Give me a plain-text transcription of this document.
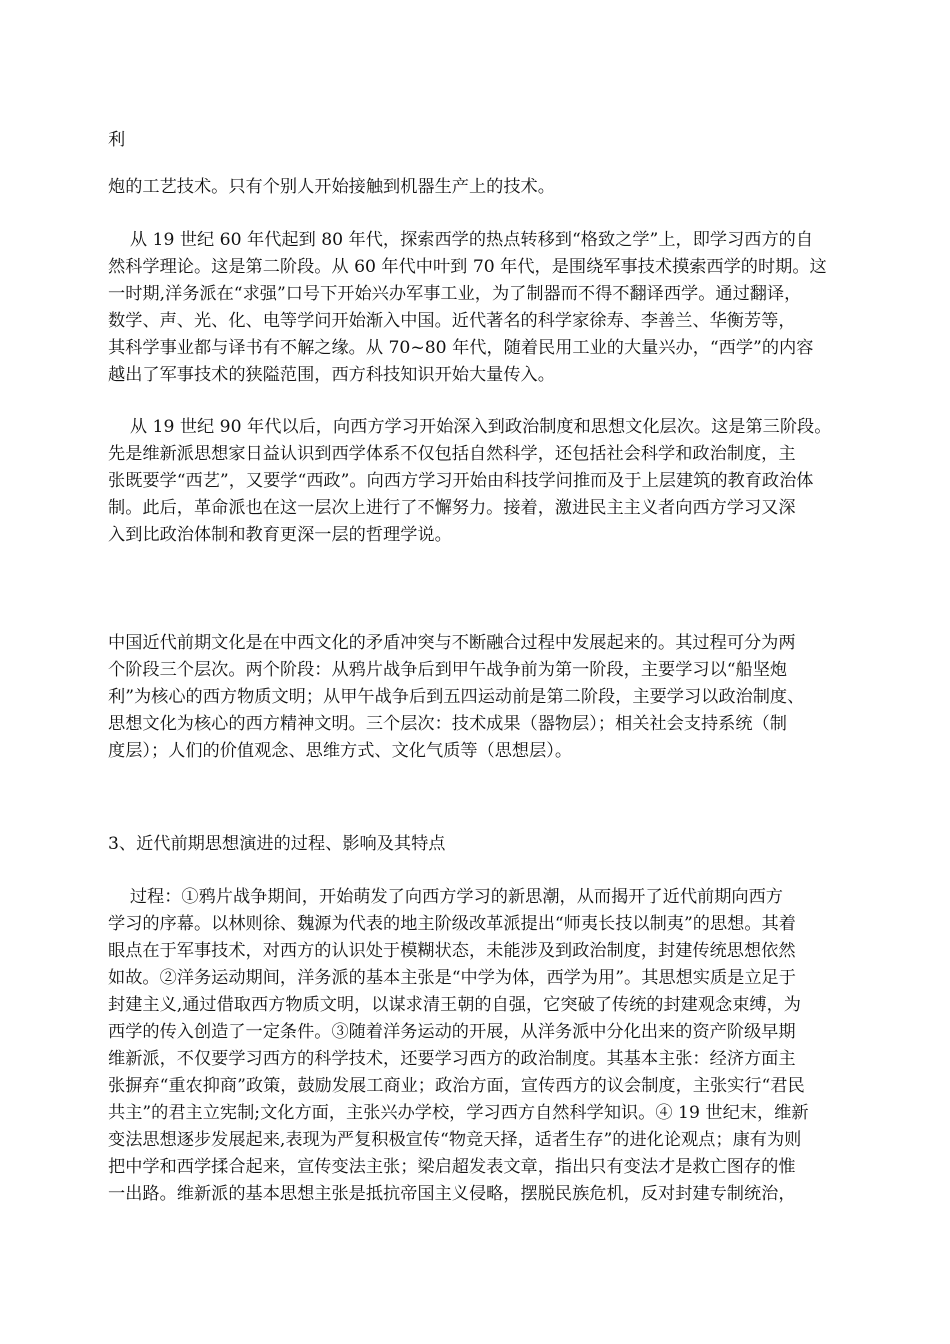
利
炮的工艺技术。只有个别人开始接触到机器生产上的技术。
从 19 世纪 60 年代起到 80 年代，探索西学的热点转移到“格致之学”上，即学习西方的自
然科学理论。这是第二阶段。从 60 年代中叶到 70 年代，是围绕军事技术摸索西学的时期。这
一时期,洋务派在“求强”口号下开始兴办军事工业，为了制器而不得不翻译西学。通过翻译，
数学、声、光、化、电等学问开始渐入中国。近代著名的科学家徐寿、李善兰、华衡芳等，
其科学事业都与译书有不解之缘。从 70~80 年代，随着民用工业的大量兴办，“西学”的内容
越出了军事技术的狭隘范围，西方科技知识开始大量传入。
从 19 世纪 90 年代以后，向西方学习开始深入到政治制度和思想文化层次。这是第三阶段。
先是维新派思想家日益认识到西学体系不仅包括自然科学，还包括社会科学和政治制度，主
张既要学“西艺”，又要学“西政”。向西方学习开始由科技学问推而及于上层建筑的教育政治体
制。此后，革命派也在这一层次上进行了不懈努力。接着，激进民主主义者向西方学习又深
入到比政治体制和教育更深一层的哲理学说。
中国近代前期文化是在中西文化的矛盾冲突与不断融合过程中发展起来的。其过程可分为两
个阶段三个层次。两个阶段：从鸦片战争后到甲午战争前为第一阶段，主要学习以“船坚炮
利”为核心的西方物质文明；从甲午战争后到五四运动前是第二阶段，主要学习以政治制度、
思想文化为核心的西方精神文明。三个层次：技术成果（器物层）；相关社会支持系统（制
度层）；人们的价值观念、思维方式、文化气质等（思想层）。
3、近代前期思想演进的过程、影响及其特点
过程：①鸦片战争期间，开始萌发了向西方学习的新思潮，从而揭开了近代前期向西方
学习的序幕。以林则徐、魏源为代表的地主阶级改革派提出“师夷长技以制夷”的思想。其着
眼点在于军事技术，对西方的认识处于模糊状态，未能涉及到政治制度，封建传统思想依然
如故。②洋务运动期间，洋务派的基本主张是“中学为体，西学为用”。其思想实质是立足于
封建主义,通过借取西方物质文明，以谋求清王朝的自强，它突破了传统的封建观念束缚，为
西学的传入创造了一定条件。③随着洋务运动的开展，从洋务派中分化出来的资产阶级早期
维新派，不仅要学习西方的科学技术，还要学习西方的政治制度。其基本主张：经济方面主
张摒弃“重农抑商”政策，鼓励发展工商业；政治方面，宣传西方的议会制度，主张实行“君民
共主”的君主立宪制;文化方面，主张兴办学校，学习西方自然科学知识。④ 19 世纪末，维新
变法思想逐步发展起来,表现为严复积极宣传“物竞天择，适者生存”的进化论观点；康有为则
把中学和西学揉合起来，宣传变法主张；梁启超发表文章，指出只有变法才是救亡图存的惟
一出路。维新派的基本思想主张是抵抗帝国主义侵略，摆脱民族危机，反对封建专制统治，
